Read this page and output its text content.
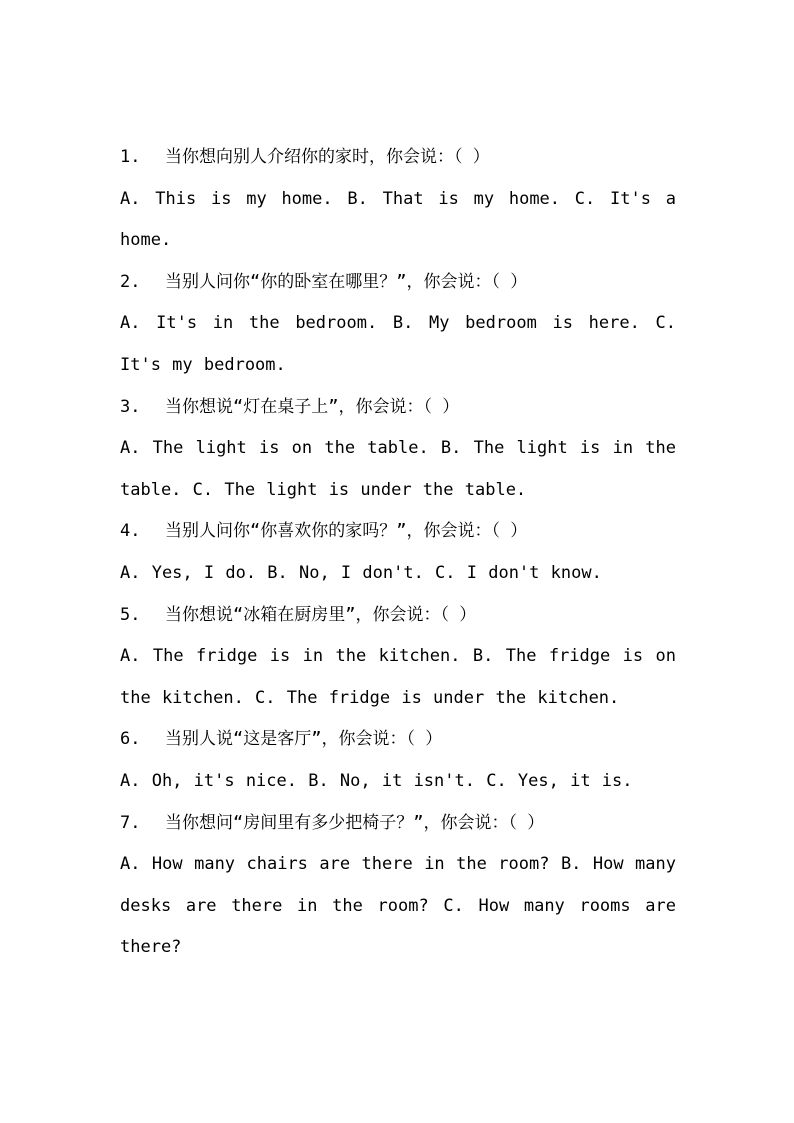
1. 当你想向别人介绍你的家时，你会说：（ ）
A. This is my home. B. That is my home. C. It's a home.
2. 当别人问你“你的卧室在哪里？”，你会说：（ ）
A. It's in the bedroom. B. My bedroom is here. C. It's my bedroom.
3. 当你想说“灯在桌子上”，你会说：（ ）
A. The light is on the table. B. The light is in the table. C. The light is under the table.
4. 当别人问你“你喜欢你的家吗？”，你会说：（ ）
A. Yes, I do. B. No, I don't. C. I don't know.
5. 当你想说“冰箱在厨房里”，你会说：（ ）
A. The fridge is in the kitchen. B. The fridge is on the kitchen. C. The fridge is under the kitchen.
6. 当别人说“这是客厅”，你会说：（ ）
A. Oh, it's nice. B. No, it isn't. C. Yes, it is.
7. 当你想问“房间里有多少把椅子？”，你会说：（ ）
A. How many chairs are there in the room? B. How many desks are there in the room? C. How many rooms are there?
